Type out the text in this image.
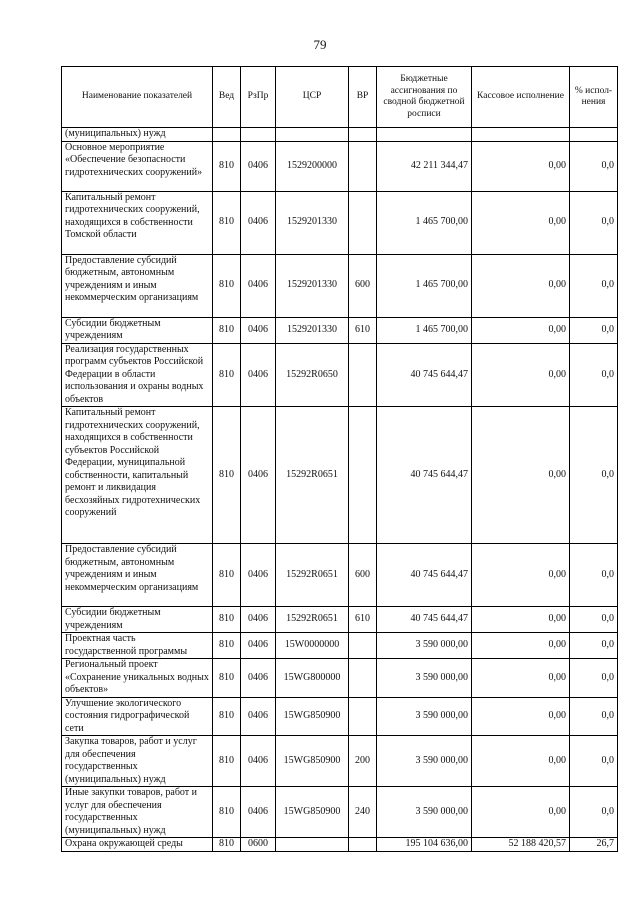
79
Наименование показателей	Вед	РзПр	ЦСР	ВР	Бюджетные ассигнования по сводной бюджетной росписи	Кассовое исполнение	% испол-нения
(муниципальных) нужд							
Основное мероприятие «Обеспечение безопасности гидротехнических сооружений»	810	0406	1529200000		42 211 344,47	0,00	0,0
Капитальный ремонт гидротехнических сооружений, находящихся в собственности Томской области	810	0406	1529201330		1 465 700,00	0,00	0,0
Предоставление субсидий бюджетным, автономным учреждениям и иным некоммерческим организациям	810	0406	1529201330	600	1 465 700,00	0,00	0,0
Субсидии бюджетным учреждениям	810	0406	1529201330	610	1 465 700,00	0,00	0,0
Реализация государственных программ субъектов Российской Федерации в области использования и охраны водных объектов	810	0406	15292R0650		40 745 644,47	0,00	0,0
Капитальный ремонт гидротехнических сооружений, находящихся в собственности субъектов Российской Федерации, муниципальной собственности, капитальный ремонт и ликвидация бесхозяйных гидротехнических сооружений	810	0406	15292R0651		40 745 644,47	0,00	0,0
Предоставление субсидий бюджетным, автономным учреждениям и иным некоммерческим организациям	810	0406	15292R0651	600	40 745 644,47	0,00	0,0
Субсидии бюджетным учреждениям	810	0406	15292R0651	610	40 745 644,47	0,00	0,0
Проектная часть государственной программы	810	0406	15W0000000		3 590 000,00	0,00	0,0
Региональный проект «Сохранение уникальных водных объектов»	810	0406	15WG800000		3 590 000,00	0,00	0,0
Улучшение экологического состояния гидрографической сети	810	0406	15WG850900		3 590 000,00	0,00	0,0
Закупка товаров, работ и услуг для обеспечения государственных (муниципальных) нужд	810	0406	15WG850900	200	3 590 000,00	0,00	0,0
Иные закупки товаров, работ и услуг для обеспечения государственных (муниципальных) нужд	810	0406	15WG850900	240	3 590 000,00	0,00	0,0
Охрана окружающей среды	810	0600			195 104 636,00	52 188 420,57	26,7
